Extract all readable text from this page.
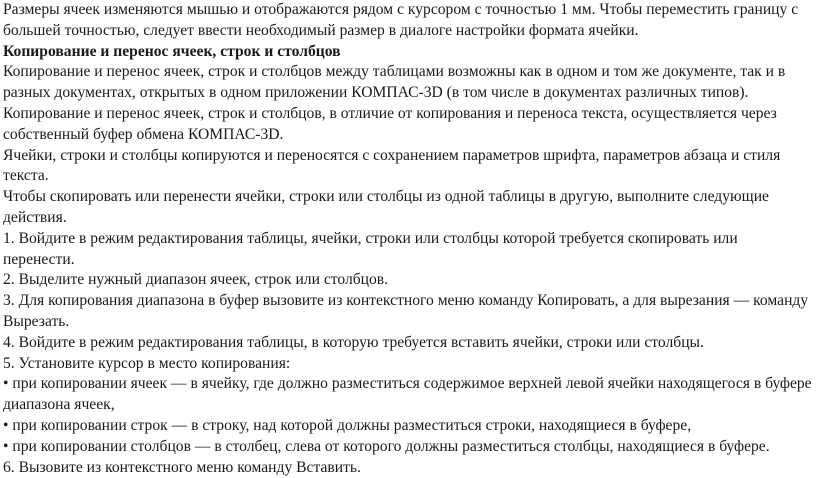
Размеры ячеек изменяются мышью и отображаются рядом с курсором с точностью 1 мм. Чтобы переместить границу с большей точностью, следует ввести необходимый размер в диалоге настройки формата ячейки.

Копирование и перенос ячеек, строк и столбцов

Копирование и перенос ячеек, строк и столбцов между таблицами возможны как в одном и том же документе, так и в разных документах, открытых в одном приложении КОМПАС-3D (в том числе в документах различных типов).

Копирование и перенос ячеек, строк и столбцов, в отличие от копирования и переноса текста, осуществляется через собственный буфер обмена КОМПАС-3D.

Ячейки, строки и столбцы копируются и переносятся с сохранением параметров шрифта, параметров абзаца и стиля текста.

Чтобы скопировать или перенести ячейки, строки или столбцы из одной таблицы в другую, выполните следующие действия.

1. Войдите в режим редактирования таблицы, ячейки, строки или столбцы которой требуется скопировать или перенести.

2. Выделите нужный диапазон ячеек, строк или столбцов.

3. Для копирования диапазона в буфер вызовите из контекстного меню команду Копировать, а для вырезания — команду Вырезать.

4. Войдите в режим редактирования таблицы, в которую требуется вставить ячейки, строки или столбцы.

5. Установите курсор в место копирования:

• при копировании ячеек — в ячейку, где должно разместиться содержимое верхней левой ячейки находящегося в буфере диапазона ячеек,

• при копировании строк — в строку, над которой должны разместиться строки, находящиеся в буфере,

• при копировании столбцов — в столбец, слева от которого должны разместиться столбцы, находящиеся в буфере.

6. Вызовите из контекстного меню команду Вставить.
